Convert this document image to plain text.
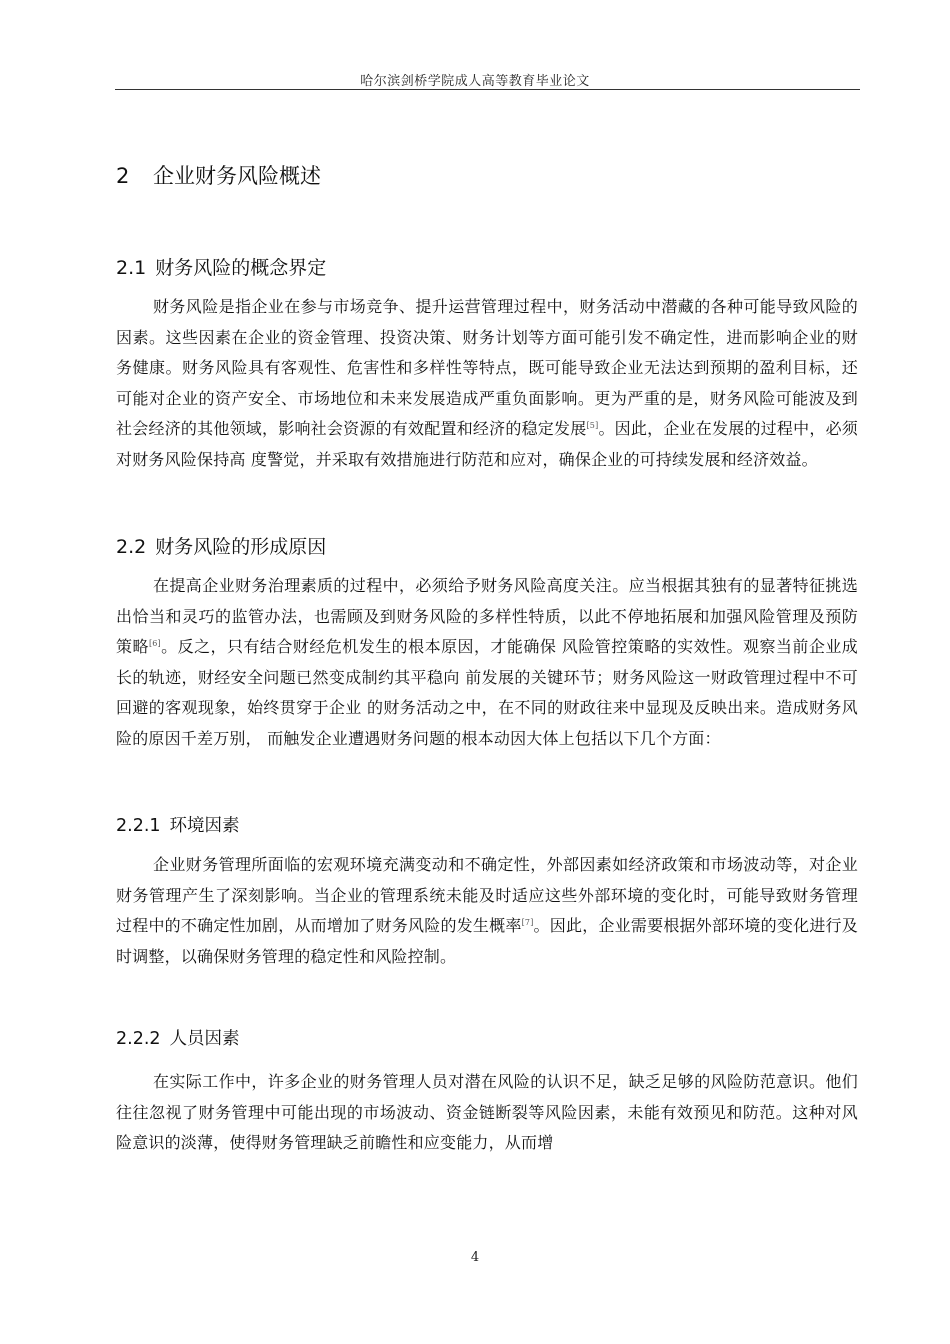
哈尔滨剑桥学院成人高等教育毕业论文
2 企业财务风险概述
2.1 财务风险的概念界定
财务风险是指企业在参与市场竞争、提升运营管理过程中，财务活动中潜藏的各种可能导致风险的因素。这些因素在企业的资金管理、投资决策、财务计划等方面可能引发不确定性，进而影响企业的财务健康。财务风险具有客观性、危害性和多样性等特点，既可能导致企业无法达到预期的盈利目标，还可能对企业的资产安全、市场地位和未来发展造成严重负面影响。更为严重的是，财务风险可能波及到社会经济的其他领域，影响社会资源的有效配置和经济的稳定发展[5]。因此，企业在发展的过程中，必须对财务风险保持高 度警觉，并采取有效措施进行防范和应对，确保企业的可持续发展和经济效益。
2.2 财务风险的形成原因
在提高企业财务治理素质的过程中，必须给予财务风险高度关注。应当根据其独有的显著特征挑选出恰当和灵巧的监管办法，也需顾及到财务风险的多样性特质，以此不停地拓展和加强风险管理及预防策略[6]。反之，只有结合财经危机发生的根本原因，才能确保 风险管控策略的实效性。观察当前企业成长的轨迹，财经安全问题已然变成制约其平稳向 前发展的关键环节；财务风险这一财政管理过程中不可回避的客观现象，始终贯穿于企业 的财务活动之中，在不同的财政往来中显现及反映出来。造成财务风险的原因千差万别， 而触发企业遭遇财务问题的根本动因大体上包括以下几个方面：
2.2.1 环境因素
企业财务管理所面临的宏观环境充满变动和不确定性，外部因素如经济政策和市场波动等，对企业财务管理产生了深刻影响。当企业的管理系统未能及时适应这些外部环境的变化时，可能导致财务管理过程中的不确定性加剧，从而增加了财务风险的发生概率[7]。因此，企业需要根据外部环境的变化进行及时调整，以确保财务管理的稳定性和风险控制。
2.2.2 人员因素
在实际工作中，许多企业的财务管理人员对潜在风险的认识不足，缺乏足够的风险防范意识。他们往往忽视了财务管理中可能出现的市场波动、资金链断裂等风险因素，未能有效预见和防范。这种对风险意识的淡薄，使得财务管理缺乏前瞻性和应变能力，从而增
4
